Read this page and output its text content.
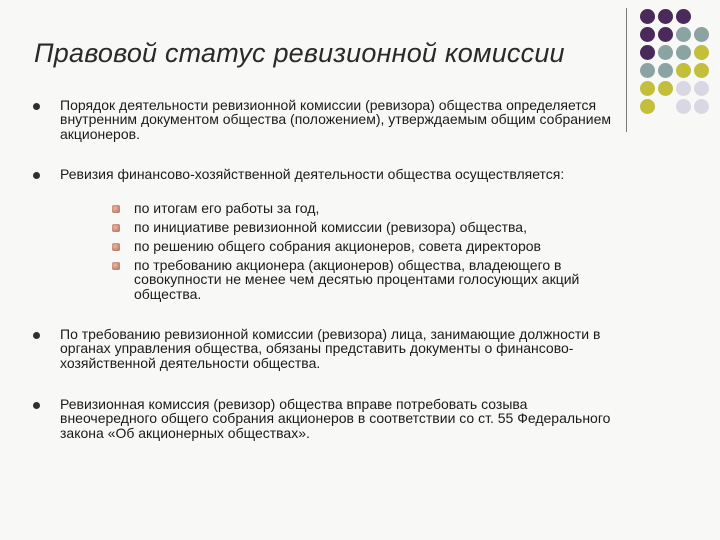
Правовой статус ревизионной комиссии
Порядок деятельности ревизионной комиссии (ревизора) общества определяется внутренним документом общества (положением), утверждаемым общим собранием акционеров.
Ревизия финансово-хозяйственной деятельности общества осуществляется:
по итогам его работы за год,
по инициативе ревизионной комиссии (ревизора) общества,
по решению общего собрания акционеров, совета директоров
по требованию акционера (акционеров) общества, владеющего в совокупности не менее чем десятью процентами голосующих акций общества.
По требованию ревизионной комиссии (ревизора) лица, занимающие должности в органах управления общества, обязаны представить документы о финансово-хозяйственной деятельности общества.
Ревизионная комиссия (ревизор) общества вправе потребовать созыва внеочередного общего собрания акционеров в соответствии со ст. 55 Федерального закона «Об акционерных обществах».
